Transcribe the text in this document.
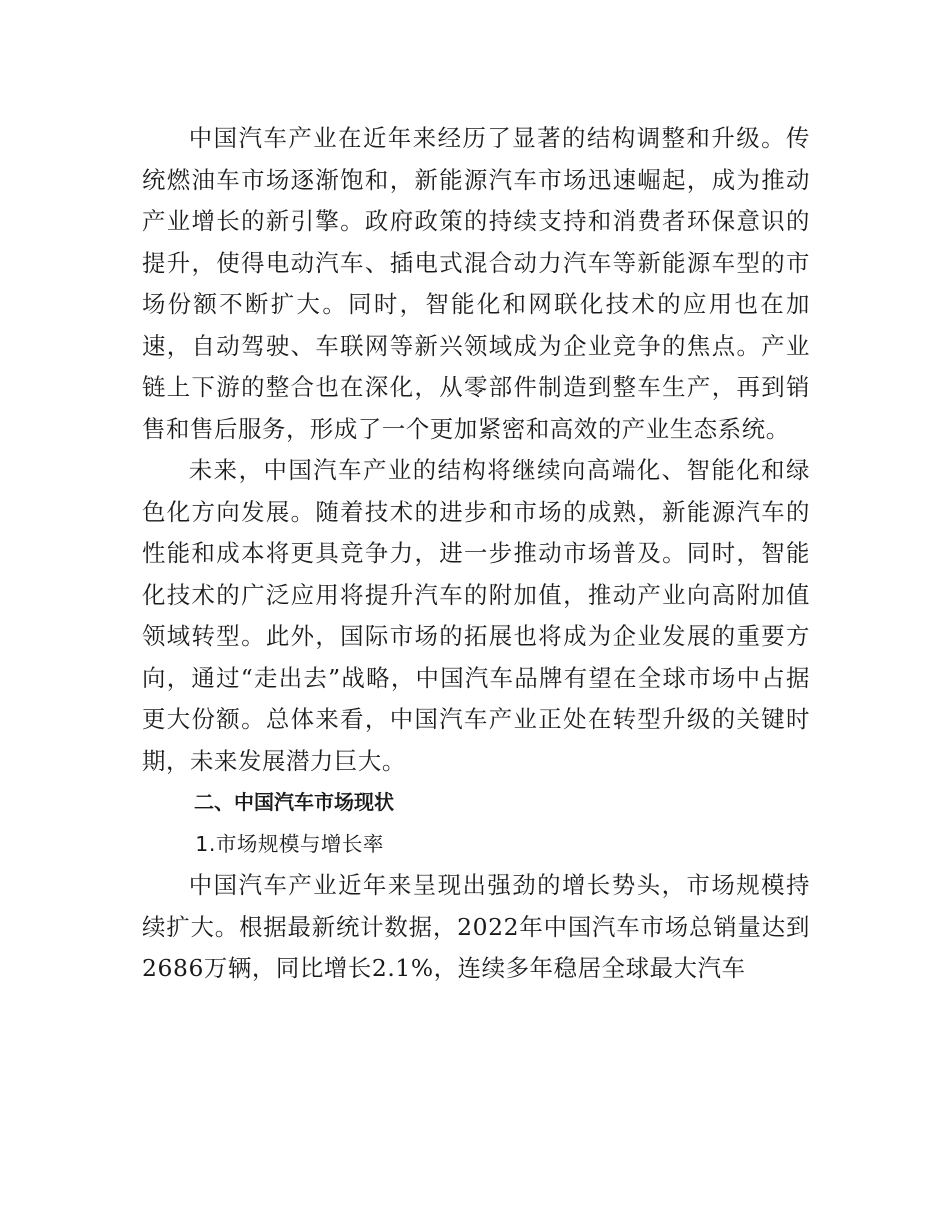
中国汽车产业在近年来经历了显著的结构调整和升级。传统燃油车市场逐渐饱和，新能源汽车市场迅速崛起，成为推动产业增长的新引擎。政府政策的持续支持和消费者环保意识的提升，使得电动汽车、插电式混合动力汽车等新能源车型的市场份额不断扩大。同时，智能化和网联化技术的应用也在加速，自动驾驶、车联网等新兴领域成为企业竞争的焦点。产业链上下游的整合也在深化，从零部件制造到整车生产，再到销售和售后服务，形成了一个更加紧密和高效的产业生态系统。

未来，中国汽车产业的结构将继续向高端化、智能化和绿色化方向发展。随着技术的进步和市场的成熟，新能源汽车的性能和成本将更具竞争力，进一步推动市场普及。同时，智能化技术的广泛应用将提升汽车的附加值，推动产业向高附加值领域转型。此外，国际市场的拓展也将成为企业发展的重要方向，通过“走出去”战略，中国汽车品牌有望在全球市场中占据更大份额。总体来看，中国汽车产业正处在转型升级的关键时期，未来发展潜力巨大。

二、中国汽车市场现状

1.市场规模与增长率

中国汽车产业近年来呈现出强劲的增长势头，市场规模持续扩大。根据最新统计数据，2022年中国汽车市场总销量达到2686万辆，同比增长2.1%，连续多年稳居全球最大汽车
